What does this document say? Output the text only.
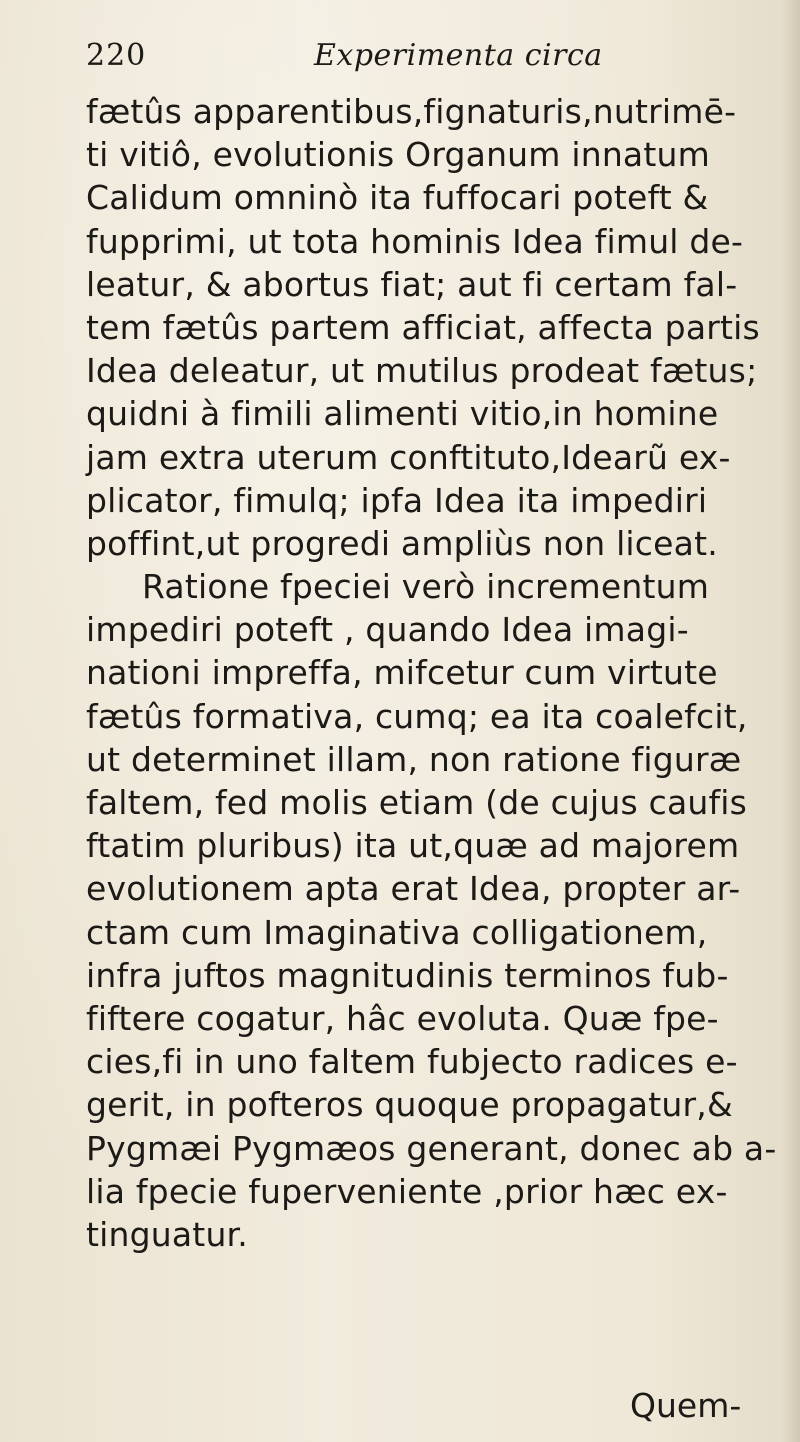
220	Experimenta circa
fætûs apparentibus,fignaturis,nutrimē-
ti vitiô, evolutionis Organum innatum
Calidum omninò ita fuffocari poteft &
fupprimi, ut tota hominis Idea fimul de-
leatur, & abortus fiat; aut fi certam fal-
tem fætûs partem afficiat, affecta partis
Idea deleatur, ut mutilus prodeat fætus;
quidni à fimili alimenti vitio,in homine
jam extra uterum conftituto,Idearũ ex-
plicator, fimulq; ipfa Idea ita impediri
poffint,ut progredi ampliùs non liceat.
Ratione fpeciei verò incrementum
impediri poteft , quando Idea imagi-
nationi impreffa, mifcetur cum virtute
fætûs formativa, cumq; ea ita coalefcit,
ut determinet illam, non ratione figuræ
faltem, fed molis etiam (de cujus caufis
ftatim pluribus) ita ut,quæ ad majorem
evolutionem apta erat Idea, propter ar-
ctam cum Imaginativa colligationem,
infra juftos magnitudinis terminos fub-
fiftere cogatur, hâc evoluta. Quæ fpe-
cies,fi in uno faltem fubjecto radices e-
gerit, in pofteros quoque propagatur,&
Pygmæi Pygmæos generant, donec ab a-
lia fpecie fuperveniente ,prior hæc ex-
tinguatur.
Quem-
